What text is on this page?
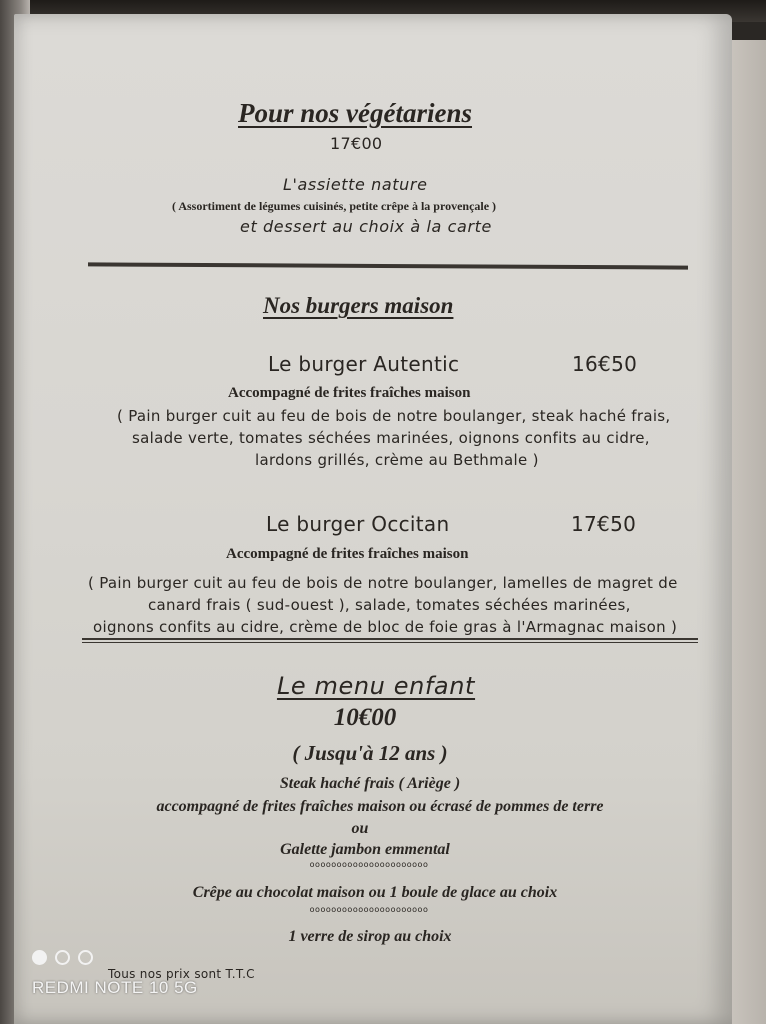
Pour nos végétariens
17€00
L'assiette nature
( Assortiment de légumes cuisinés, petite crêpe à la provençale )
et dessert au choix à la carte
Nos burgers maison
Le burger Autentic	16€50
Accompagné de frites fraîches maison
( Pain burger cuit au feu de bois de notre boulanger, steak haché frais,
salade verte, tomates séchées marinées, oignons confits au cidre,
lardons grillés, crème au Bethmale )
Le burger Occitan	17€50
Accompagné de frites fraîches maison
( Pain burger cuit au feu de bois de notre boulanger, lamelles de magret de
canard frais ( sud-ouest ), salade, tomates séchées marinées,
oignons confits au cidre, crème de bloc de foie gras à l'Armagnac maison )
Le menu enfant
10€00
( Jusqu'à 12 ans )
Steak haché frais ( Ariège )
accompagné de frites fraîches maison ou écrasé de pommes de terre
ou
Galette jambon emmental
oooooooooooooooooooooo
Crêpe au chocolat maison ou 1 boule de glace au choix
oooooooooooooooooooooo
1 verre de sirop au choix
Tous nos prix sont T.T.C
REDMI NOTE 10 5G
